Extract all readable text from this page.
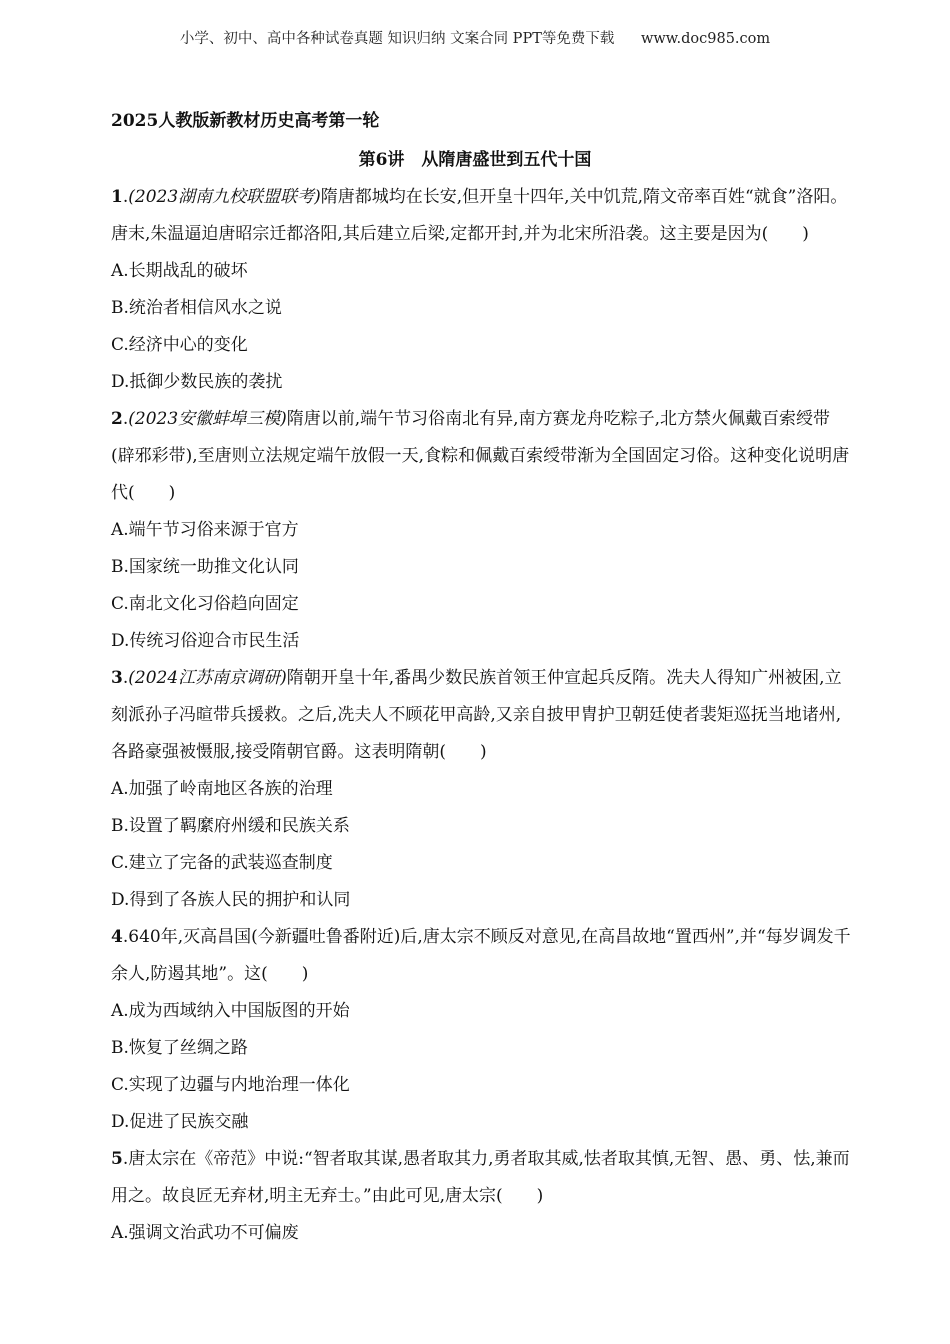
小学、初中、高中各种试卷真题 知识归纳 文案合同 PPT等免费下载 www.doc985.com
2025人教版新教材历史高考第一轮
第6讲　从隋唐盛世到五代十国

1.(2023湖南九校联盟联考)隋唐都城均在长安,但开皇十四年,关中饥荒,隋文帝率百姓“就食”洛阳。唐末,朱温逼迫唐昭宗迁都洛阳,其后建立后梁,定都开封,并为北宋所沿袭。这主要是因为(　　)

A.长期战乱的破坏

B.统治者相信风水之说

C.经济中心的变化

D.抵御少数民族的袭扰

2.(2023安徽蚌埠三模)隋唐以前,端午节习俗南北有异,南方赛龙舟吃粽子,北方禁火佩戴百索绶带(辟邪彩带),至唐则立法规定端午放假一天,食粽和佩戴百索绶带渐为全国固定习俗。这种变化说明唐代(　　)

A.端午节习俗来源于官方

B.国家统一助推文化认同

C.南北文化习俗趋向固定

D.传统习俗迎合市民生活

3.(2024江苏南京调研)隋朝开皇十年,番禺少数民族首领王仲宣起兵反隋。冼夫人得知广州被困,立刻派孙子冯暄带兵援救。之后,冼夫人不顾花甲高龄,又亲自披甲胄护卫朝廷使者裴矩巡抚当地诸州,各路豪强被慑服,接受隋朝官爵。这表明隋朝(　　)

A.加强了岭南地区各族的治理

B.设置了羁縻府州缓和民族关系

C.建立了完备的武装巡查制度

D.得到了各族人民的拥护和认同

4.640年,灭高昌国(今新疆吐鲁番附近)后,唐太宗不顾反对意见,在高昌故地“置西州”,并“每岁调发千余人,防遏其地”。这(　　)

A.成为西域纳入中国版图的开始

B.恢复了丝绸之路

C.实现了边疆与内地治理一体化

D.促进了民族交融

5.唐太宗在《帝范》中说:“智者取其谋,愚者取其力,勇者取其威,怯者取其慎,无智、愚、勇、怯,兼而用之。故良匠无弃材,明主无弃士。”由此可见,唐太宗(　　)

A.强调文治武功不可偏废
